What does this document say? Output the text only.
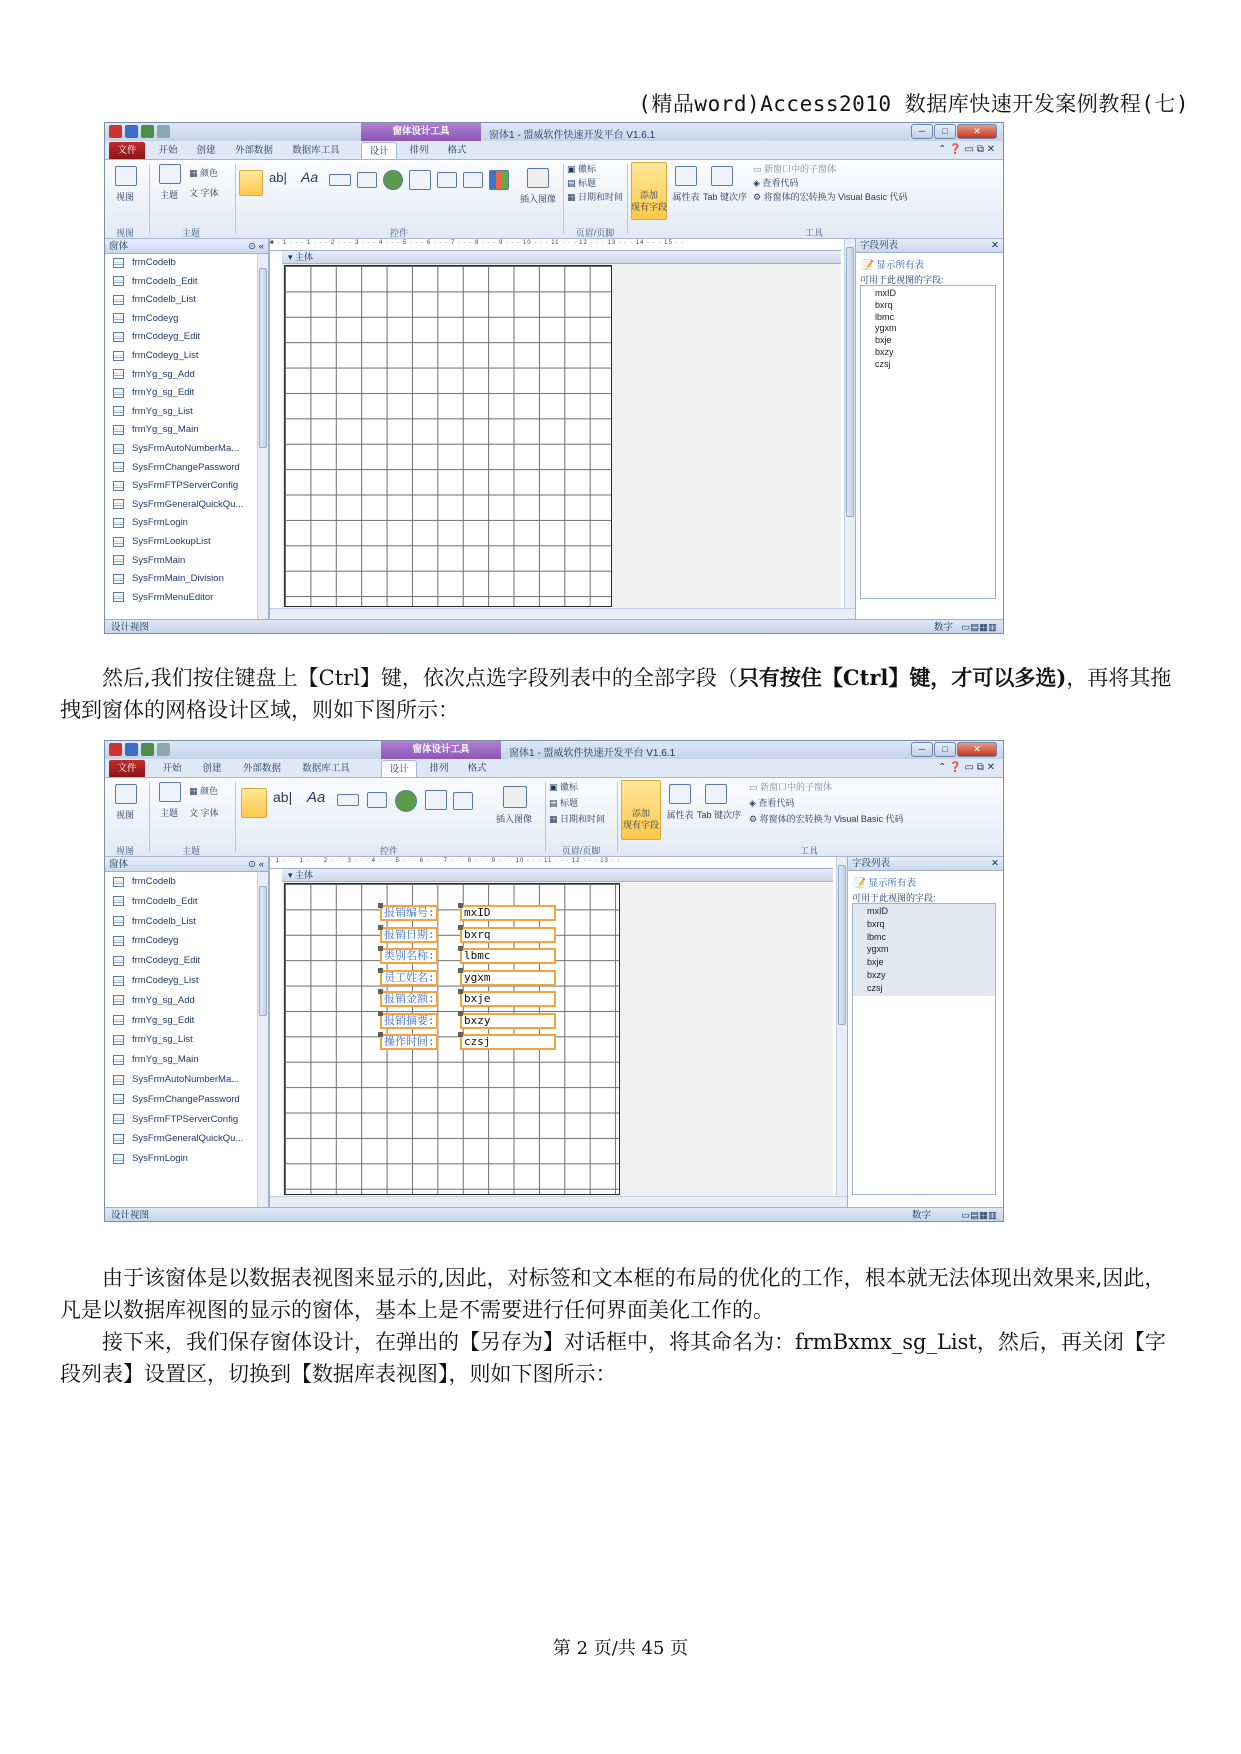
(精品word)Access2010 数据库快速开发案例教程(七)
窗体设计工具	窗体1 - 盟威软件快速开发平台 V1.6.1	─	□	✕
文件	开始	创建	外部数据	数据库工具	设计	排列	格式	⌃ ❓ ▭ ⧉ ✕
视图	主题
▦ 颜色
文 字体
ab| Aa
插入图像
▣ 徽标
▤ 标题
▦ 日期和时间	添加
现有字段
属性表 Tab 键次序
▭ 新窗口中的子窗体
◈ 查看代码
⚙ 将窗体的宏转换为 Visual Basic 代码
视图	主题	控件	页眉/页脚	工具
窗体	⊙ «
frmCodelb
frmCodelb_Edit
frmCodelb_List
frmCodeyg
frmCodeyg_Edit
frmCodeyg_List
frmYg_sg_Add
frmYg_sg_Edit
frmYg_sg_List
frmYg_sg_Main
SysFrmAutoNumberMa...
SysFrmChangePassword
SysFrmFTPServerConfig
SysFrmGeneralQuickQu...
SysFrmLogin
SysFrmLookupList
SysFrmMain
SysFrmMain_Division
SysFrmMenuEditor
■ · 1 · · · 1 · · · 2 · · · 3 · · · 4 · · · 5 · · · 6 · · · 7 · · · 8 · · · 9 · · · 10 · · · 11 · · · 12 · · · 13 · · · 14 · · · 15 · ·
▾ 主体
字段列表	✕
📝 显示所有表
可用于此视图的字段:
mxID
bxrq
lbmc
ygxm
bxje
bxzy
czsj
设计视图	数字 ▭▤▦▥
然后,我们按住键盘上【Ctrl】键，依次点选字段列表中的全部字段（只有按住【Ctrl】键，才可以多选)，再将其拖拽到窗体的网格设计区域，则如下图所示：
窗体设计工具	窗体1 - 盟威软件快速开发平台 V1.6.1	─	□	✕
文件	开始	创建	外部数据	数据库工具	设计	排列	格式	⌃ ❓ ▭ ⧉ ✕
视图	主题
▦ 颜色
文 字体
ab| Aa
插入图像
▣ 徽标
▤ 标题
▦ 日期和时间
添加
现有字段
属性表 Tab 键次序
▭ 新窗口中的子窗体
◈ 查看代码
⚙ 将窗体的宏转换为 Visual Basic 代码
视图	主题	控件	页眉/页脚	工具
窗体	⊙ «
frmCodelb
frmCodelb_Edit
frmCodelb_List
frmCodeyg
frmCodeyg_Edit
frmCodeyg_List
frmYg_sg_Add
frmYg_sg_Edit
frmYg_sg_List
frmYg_sg_Main
SysFrmAutoNumberMa...
SysFrmChangePassword
SysFrmFTPServerConfig
SysFrmGeneralQuickQu...
SysFrmLogin
· 1 · · · 1 · · · 2 · · · 3 · · · 4 · · · 5 · · · 6 · · · 7 · · · 8 · · · 9 · · · 10 · · · 11 · · · 12 · · · 13 · ·
▾ 主体
报销编号:	mxID
报销日期:	bxrq
类别名称:	lbmc
员工姓名:	ygxm
报销金额:	bxje
报销摘要:	bxzy
操作时间:	czsj
字段列表	✕
📝 显示所有表
可用于此视图的字段:
mxID
bxrq
lbmc
ygxm
bxje
bxzy
czsj
设计视图	数字	▭▤▦▥
由于该窗体是以数据表视图来显示的,因此，对标签和文本框的布局的优化的工作，根本就无法体现出效果来,因此，凡是以数据库视图的显示的窗体，基本上是不需要进行任何界面美化工作的。
接下来，我们保存窗体设计，在弹出的【另存为】对话框中，将其命名为：frmBxmx_sg_List，然后，再关闭【字段列表】设置区，切换到【数据库表视图】，则如下图所示：
第 2 页/共 45 页
